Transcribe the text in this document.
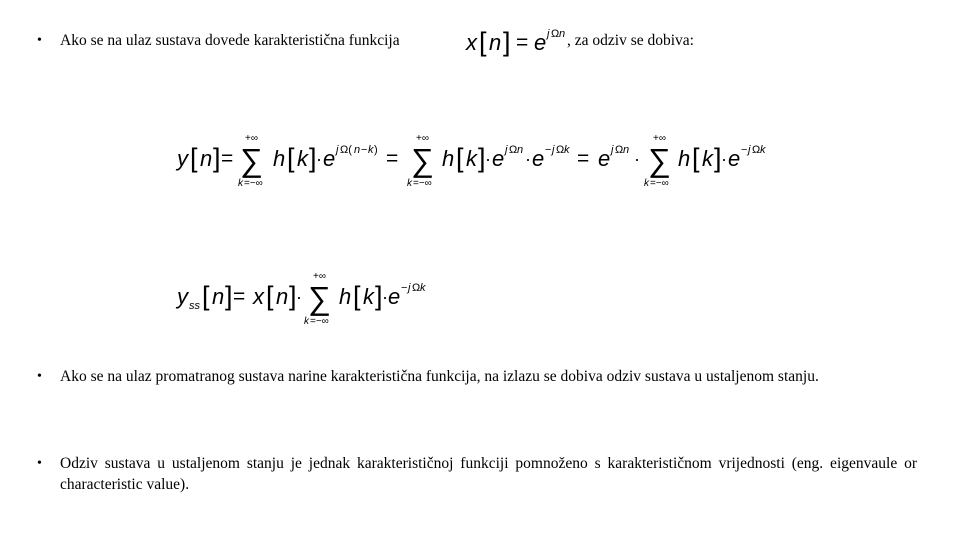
• Ako se na ulaz sustava dovede karakteristična funkcija	x [ n ] = e j Ω n , za odziv se dobiva:
y [ n ] =
+∞
∑
k =−∞
h [ k ] · e j Ω( n − k ) =
+∞
∑
k =−∞
h [ k ] · e j Ω n · e − j Ω k = e j Ω n ·
+∞
∑
k =−∞
h [ k ] · e − j Ω k
y ss [ n ] = x [ n ] ·
+∞
∑
k =−∞
h [ k ] · e − j Ω k
• Ako se na ulaz promatranog sustava narine karakteristična funkcija, na izlazu se dobiva odziv sustava u ustaljenom stanju.
• Odziv sustava u ustaljenom stanju je jednak karakterističnoj funkciji pomnoženo s karakterističnom vrijednosti (eng. eigenvaule or characteristic value).
